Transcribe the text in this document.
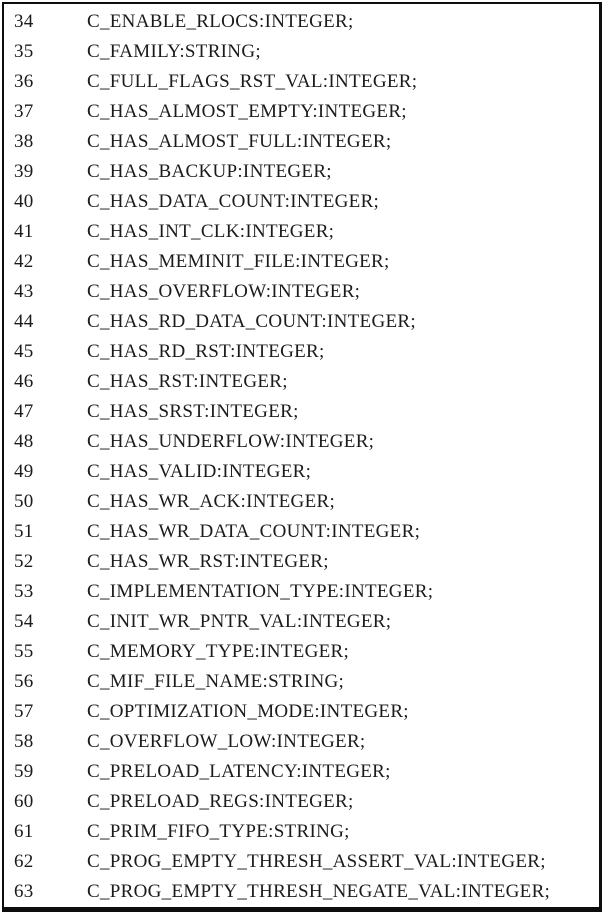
34	C_ENABLE_RLOCS:INTEGER;
35	C_FAMILY:STRING;
36	C_FULL_FLAGS_RST_VAL:INTEGER;
37	C_HAS_ALMOST_EMPTY:INTEGER;
38	C_HAS_ALMOST_FULL:INTEGER;
39	C_HAS_BACKUP:INTEGER;
40	C_HAS_DATA_COUNT:INTEGER;
41	C_HAS_INT_CLK:INTEGER;
42	C_HAS_MEMINIT_FILE:INTEGER;
43	C_HAS_OVERFLOW:INTEGER;
44	C_HAS_RD_DATA_COUNT:INTEGER;
45	C_HAS_RD_RST:INTEGER;
46	C_HAS_RST:INTEGER;
47	C_HAS_SRST:INTEGER;
48	C_HAS_UNDERFLOW:INTEGER;
49	C_HAS_VALID:INTEGER;
50	C_HAS_WR_ACK:INTEGER;
51	C_HAS_WR_DATA_COUNT:INTEGER;
52	C_HAS_WR_RST:INTEGER;
53	C_IMPLEMENTATION_TYPE:INTEGER;
54	C_INIT_WR_PNTR_VAL:INTEGER;
55	C_MEMORY_TYPE:INTEGER;
56	C_MIF_FILE_NAME:STRING;
57	C_OPTIMIZATION_MODE:INTEGER;
58	C_OVERFLOW_LOW:INTEGER;
59	C_PRELOAD_LATENCY:INTEGER;
60	C_PRELOAD_REGS:INTEGER;
61	C_PRIM_FIFO_TYPE:STRING;
62	C_PROG_EMPTY_THRESH_ASSERT_VAL:INTEGER;
63	C_PROG_EMPTY_THRESH_NEGATE_VAL:INTEGER;
